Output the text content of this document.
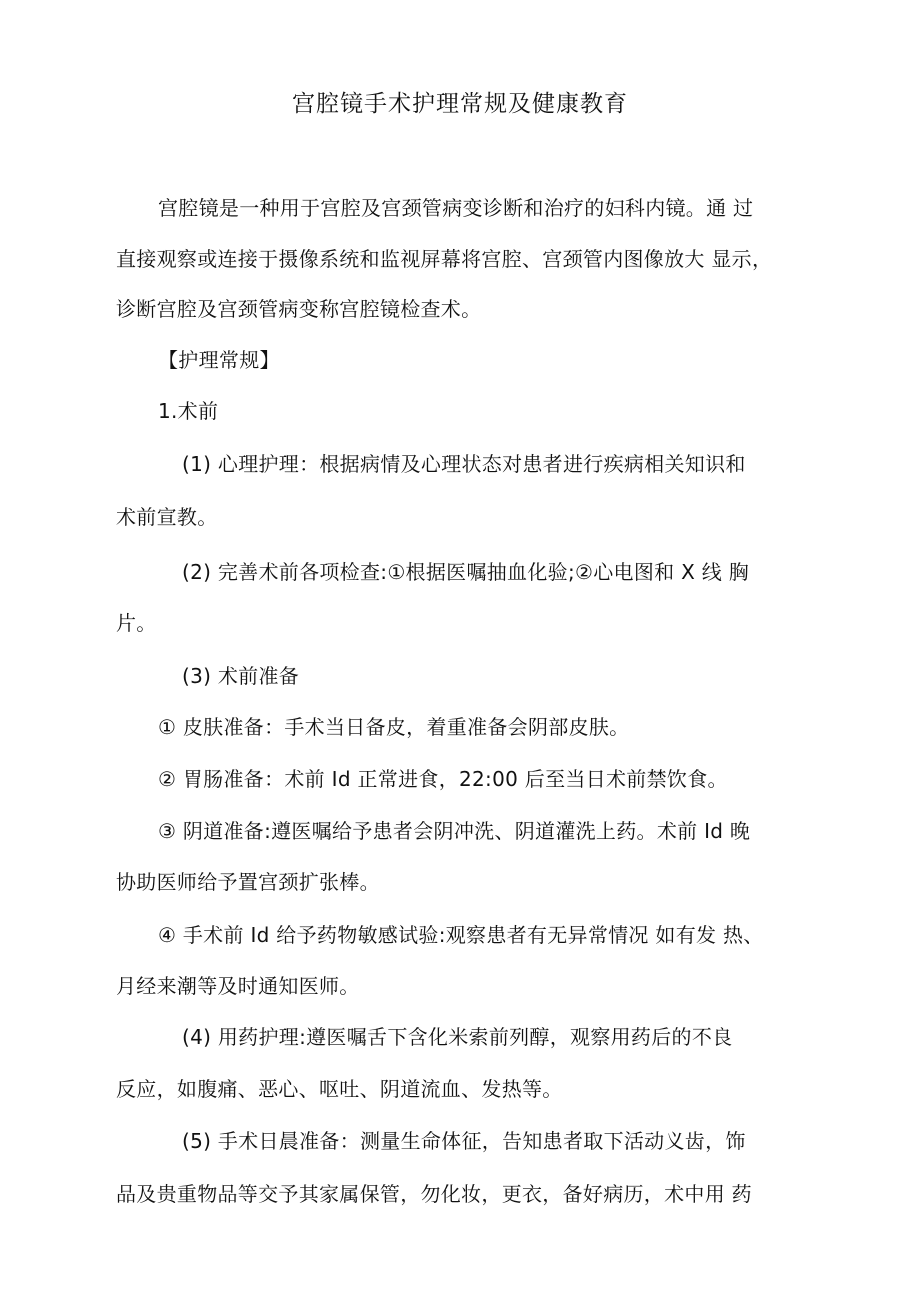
宫腔镜手术护理常规及健康教育
宫腔镜是一种用于宫腔及宫颈管病变诊断和治疗的妇科内镜。通 过
直接观察或连接于摄像系统和监视屏幕将宫腔、宫颈管内图像放大 显示，
诊断宫腔及宫颈管病变称宫腔镜检查术。
【护理常规】
1.术前
(1) 心理护理：根据病情及心理状态对患者进行疾病相关知识和
术前宣教。
(2) 完善术前各项检查:①根据医嘱抽血化验;②心电图和 X 线 胸
片。
(3) 术前准备
① 皮肤准备：手术当日备皮，着重准备会阴部皮肤。
② 胃肠准备：术前 Id 正常进食，22:00 后至当日术前禁饮食。
③ 阴道准备:遵医嘱给予患者会阴冲洗、阴道灌洗上药。术前 Id 晚
协助医师给予置宫颈扩张棒。
④ 手术前 Id 给予药物敏感试验:观察患者有无异常情况 如有发 热、
月经来潮等及时通知医师。
(4) 用药护理:遵医嘱舌下含化米索前列醇，观察用药后的不良
反应，如腹痛、恶心、呕吐、阴道流血、发热等。
(5) 手术日晨准备：测量生命体征，告知患者取下活动义齿，饰
品及贵重物品等交予其家属保管，勿化妆，更衣，备好病历，术中用 药
